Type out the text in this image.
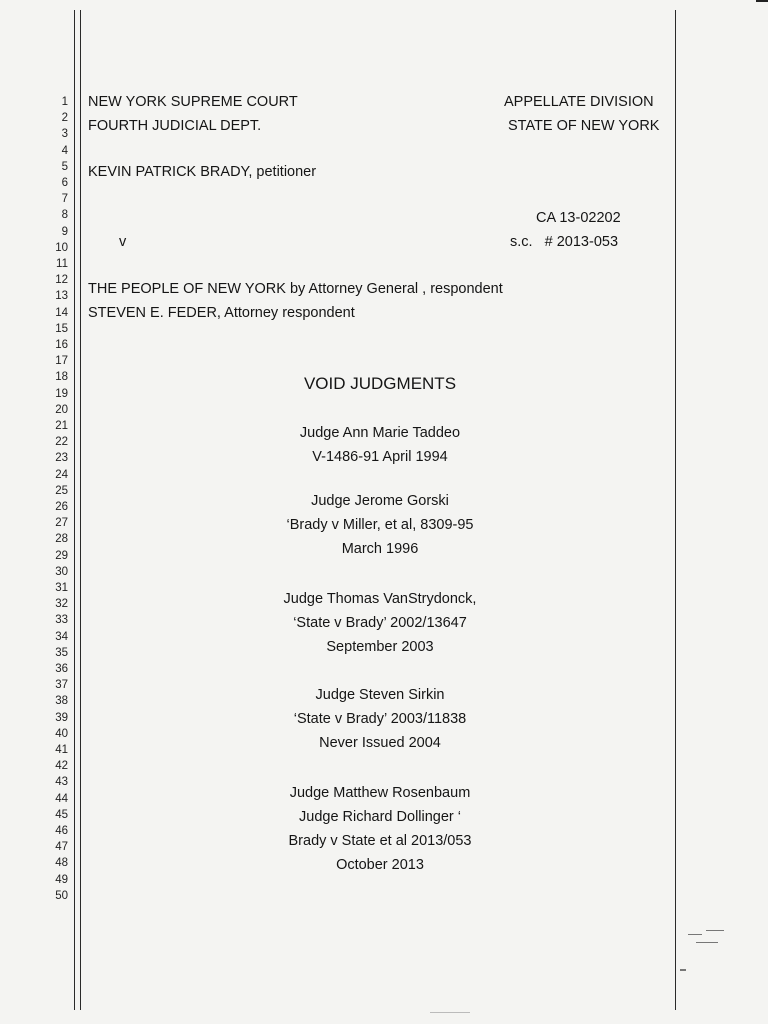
1
2
3
4
5
6
7
8
9
10
11
12
13
14
15
16
17
18
19
20
21
22
23
24
25
26
27
28
29
30
31
32
33
34
35
36
37
38
39
40
41
42
43
44
45
46
47
48
49
50
NEW YORK SUPREME COURT
FOURTH JUDICIAL DEPT.
APPELLATE DIVISION
STATE OF NEW YORK
KEVIN PATRICK BRADY, petitioner
CA 13-02202
v	s.c.   # 2013-053
THE PEOPLE OF NEW YORK by Attorney General , respondent
STEVEN E. FEDER, Attorney respondent
VOID JUDGMENTS
Judge Ann Marie Taddeo
V-1486-91 April 1994
Judge Jerome Gorski
‘Brady v Miller, et al, 8309-95
March 1996
Judge Thomas VanStrydonck,
‘State v Brady’ 2002/13647
September 2003
Judge Steven Sirkin
‘State v Brady’ 2003/11838
Never Issued 2004
Judge Matthew Rosenbaum
Judge Richard Dollinger ‘
Brady v State et al 2013/053
October 2013
